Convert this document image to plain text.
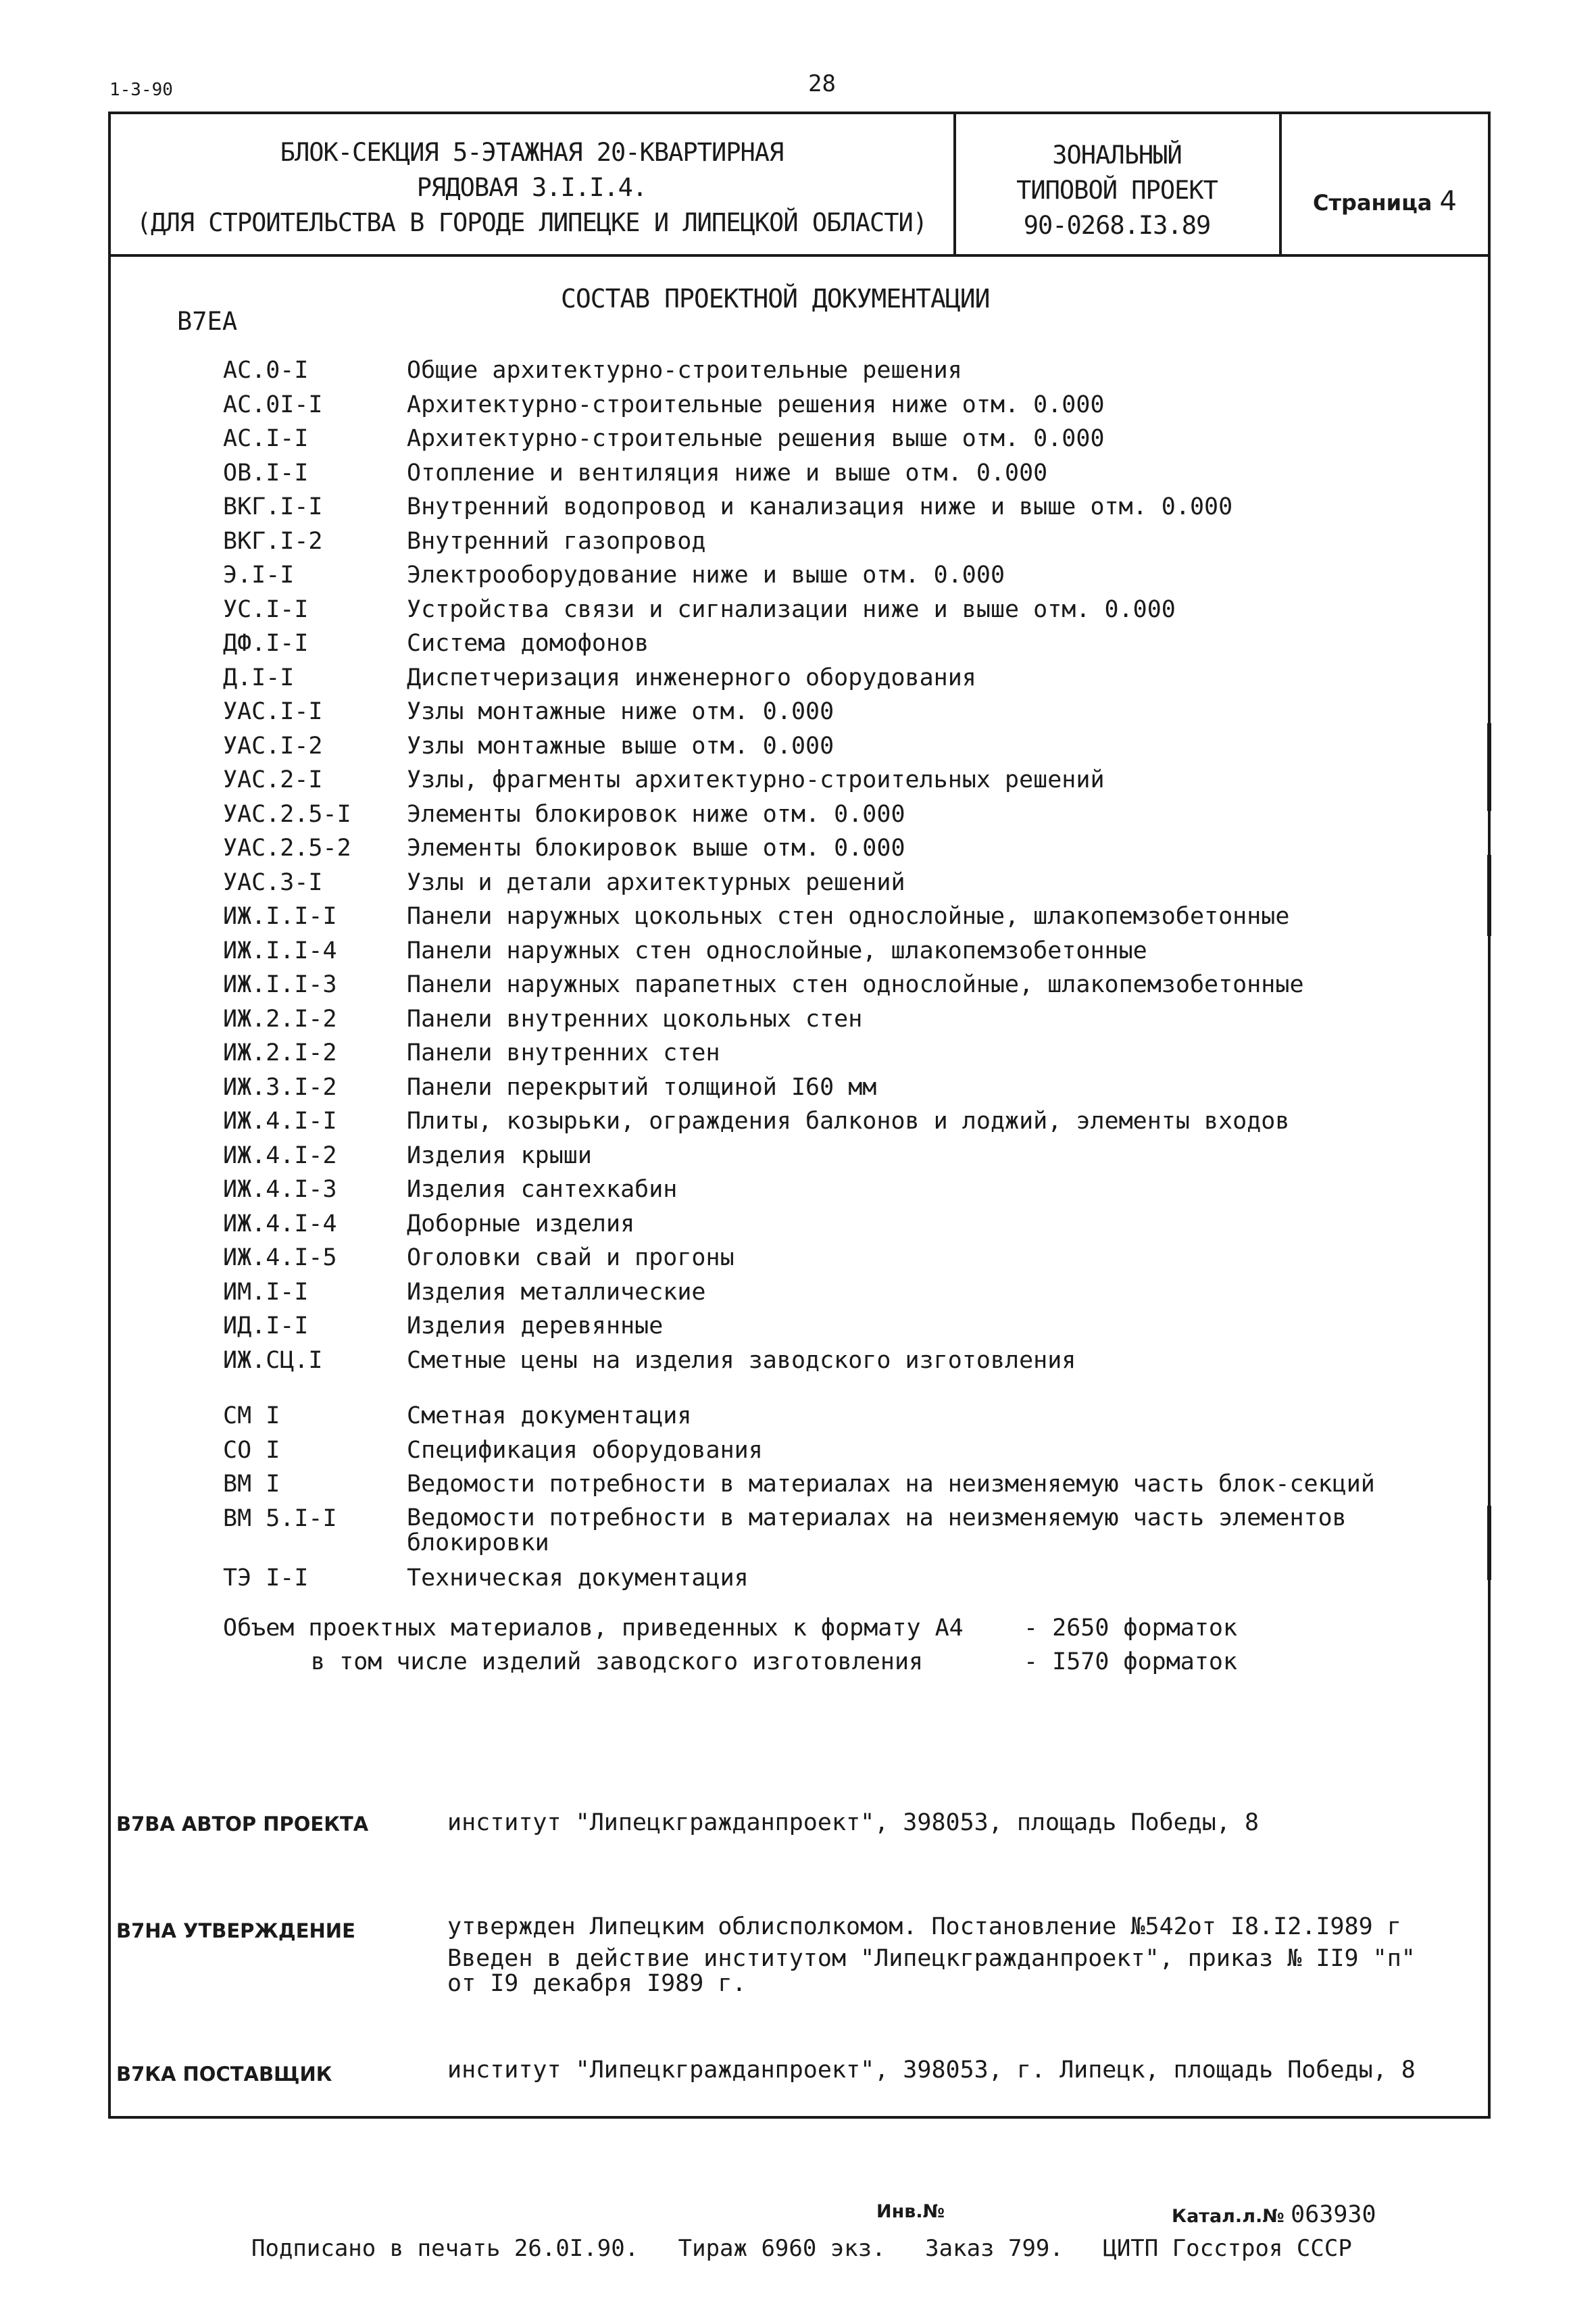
1-3-90	28
БЛОК-СЕКЦИЯ 5-ЭТАЖНАЯ 20-КВАРТИРНАЯ
РЯДОВАЯ 3.I.I.4.
(ДЛЯ СТРОИТЕЛЬСТВА В ГОРОДЕ ЛИПЕЦКЕ И ЛИПЕЦКОЙ ОБЛАСТИ)
ЗОНАЛЬНЫЙ
ТИПОВОЙ ПРОЕКТ
90-0268.I3.89
Страница 4
СОСТАВ ПРОЕКТНОЙ ДОКУМЕНТАЦИИ
В7ЕА
АС.0-I	Общие архитектурно-строительные решения
АС.0I-I	Архитектурно-строительные решения ниже отм. 0.000
АС.I-I	Архитектурно-строительные решения выше отм. 0.000
ОВ.I-I	Отопление и вентиляция ниже и выше отм. 0.000
ВКГ.I-I	Внутренний водопровод и канализация ниже и выше отм. 0.000
ВКГ.I-2	Внутренний газопровод
Э.I-I	Электрооборудование ниже и выше отм. 0.000
УС.I-I	Устройства связи и сигнализации ниже и выше отм. 0.000
ДФ.I-I	Система домофонов
Д.I-I	Диспетчеризация инженерного оборудования
УАС.I-I	Узлы монтажные ниже отм. 0.000
УАС.I-2	Узлы монтажные выше отм. 0.000
УАС.2-I	Узлы, фрагменты архитектурно-строительных решений
УАС.2.5-I	Элементы блокировок ниже отм. 0.000
УАС.2.5-2	Элементы блокировок выше отм. 0.000
УАС.3-I	Узлы и детали архитектурных решений
ИЖ.I.I-I	Панели наружных цокольных стен однослойные, шлакопемзобетонные
ИЖ.I.I-4	Панели наружных стен однослойные, шлакопемзобетонные
ИЖ.I.I-3	Панели наружных парапетных стен однослойные, шлакопемзобетонные
ИЖ.2.I-2	Панели внутренних цокольных стен
ИЖ.2.I-2	Панели внутренних стен
ИЖ.3.I-2	Панели перекрытий толщиной I60 мм
ИЖ.4.I-I	Плиты, козырьки, ограждения балконов и лоджий, элементы входов
ИЖ.4.I-2	Изделия крыши
ИЖ.4.I-3	Изделия сантехкабин
ИЖ.4.I-4	Доборные изделия
ИЖ.4.I-5	Оголовки свай и прогоны
ИМ.I-I	Изделия металлические
ИД.I-I	Изделия деревянные
ИЖ.СЦ.I	Сметные цены на изделия заводского изготовления
СМ I	Сметная документация
СО I	Спецификация оборудования
ВМ I	Ведомости потребности в материалах на неизменяемую часть блок-секций
ВМ 5.I-I	Ведомости потребности в материалах на неизменяемую часть элементов блокировки
ТЭ I-I	Техническая документация
Объем проектных материалов, приведенных к формату А4	- 2650 форматок
в том числе изделий заводского изготовления	- I570 форматок
В7ВА АВТОР ПРОЕКТА	институт "Липецкгражданпроект", 398053, площадь Победы, 8
В7НА УТВЕРЖДЕНИЕ	утвержден Липецким облисполкомом. Постановление №542от I8.I2.I989 г
Введен в действие институтом "Липецкгражданпроект", приказ № II9 "п"
от I9 декабря I989 г.
В7КА ПОСТАВЩИК	институт "Липецкгражданпроект", 398053, г. Липецк, площадь Победы, 8
Инв.№	Катал.л.№ 063930
Подписано в печать 26.0I.90. Тираж 6960 экз. Заказ 799. ЦИТП Госстроя СССР
